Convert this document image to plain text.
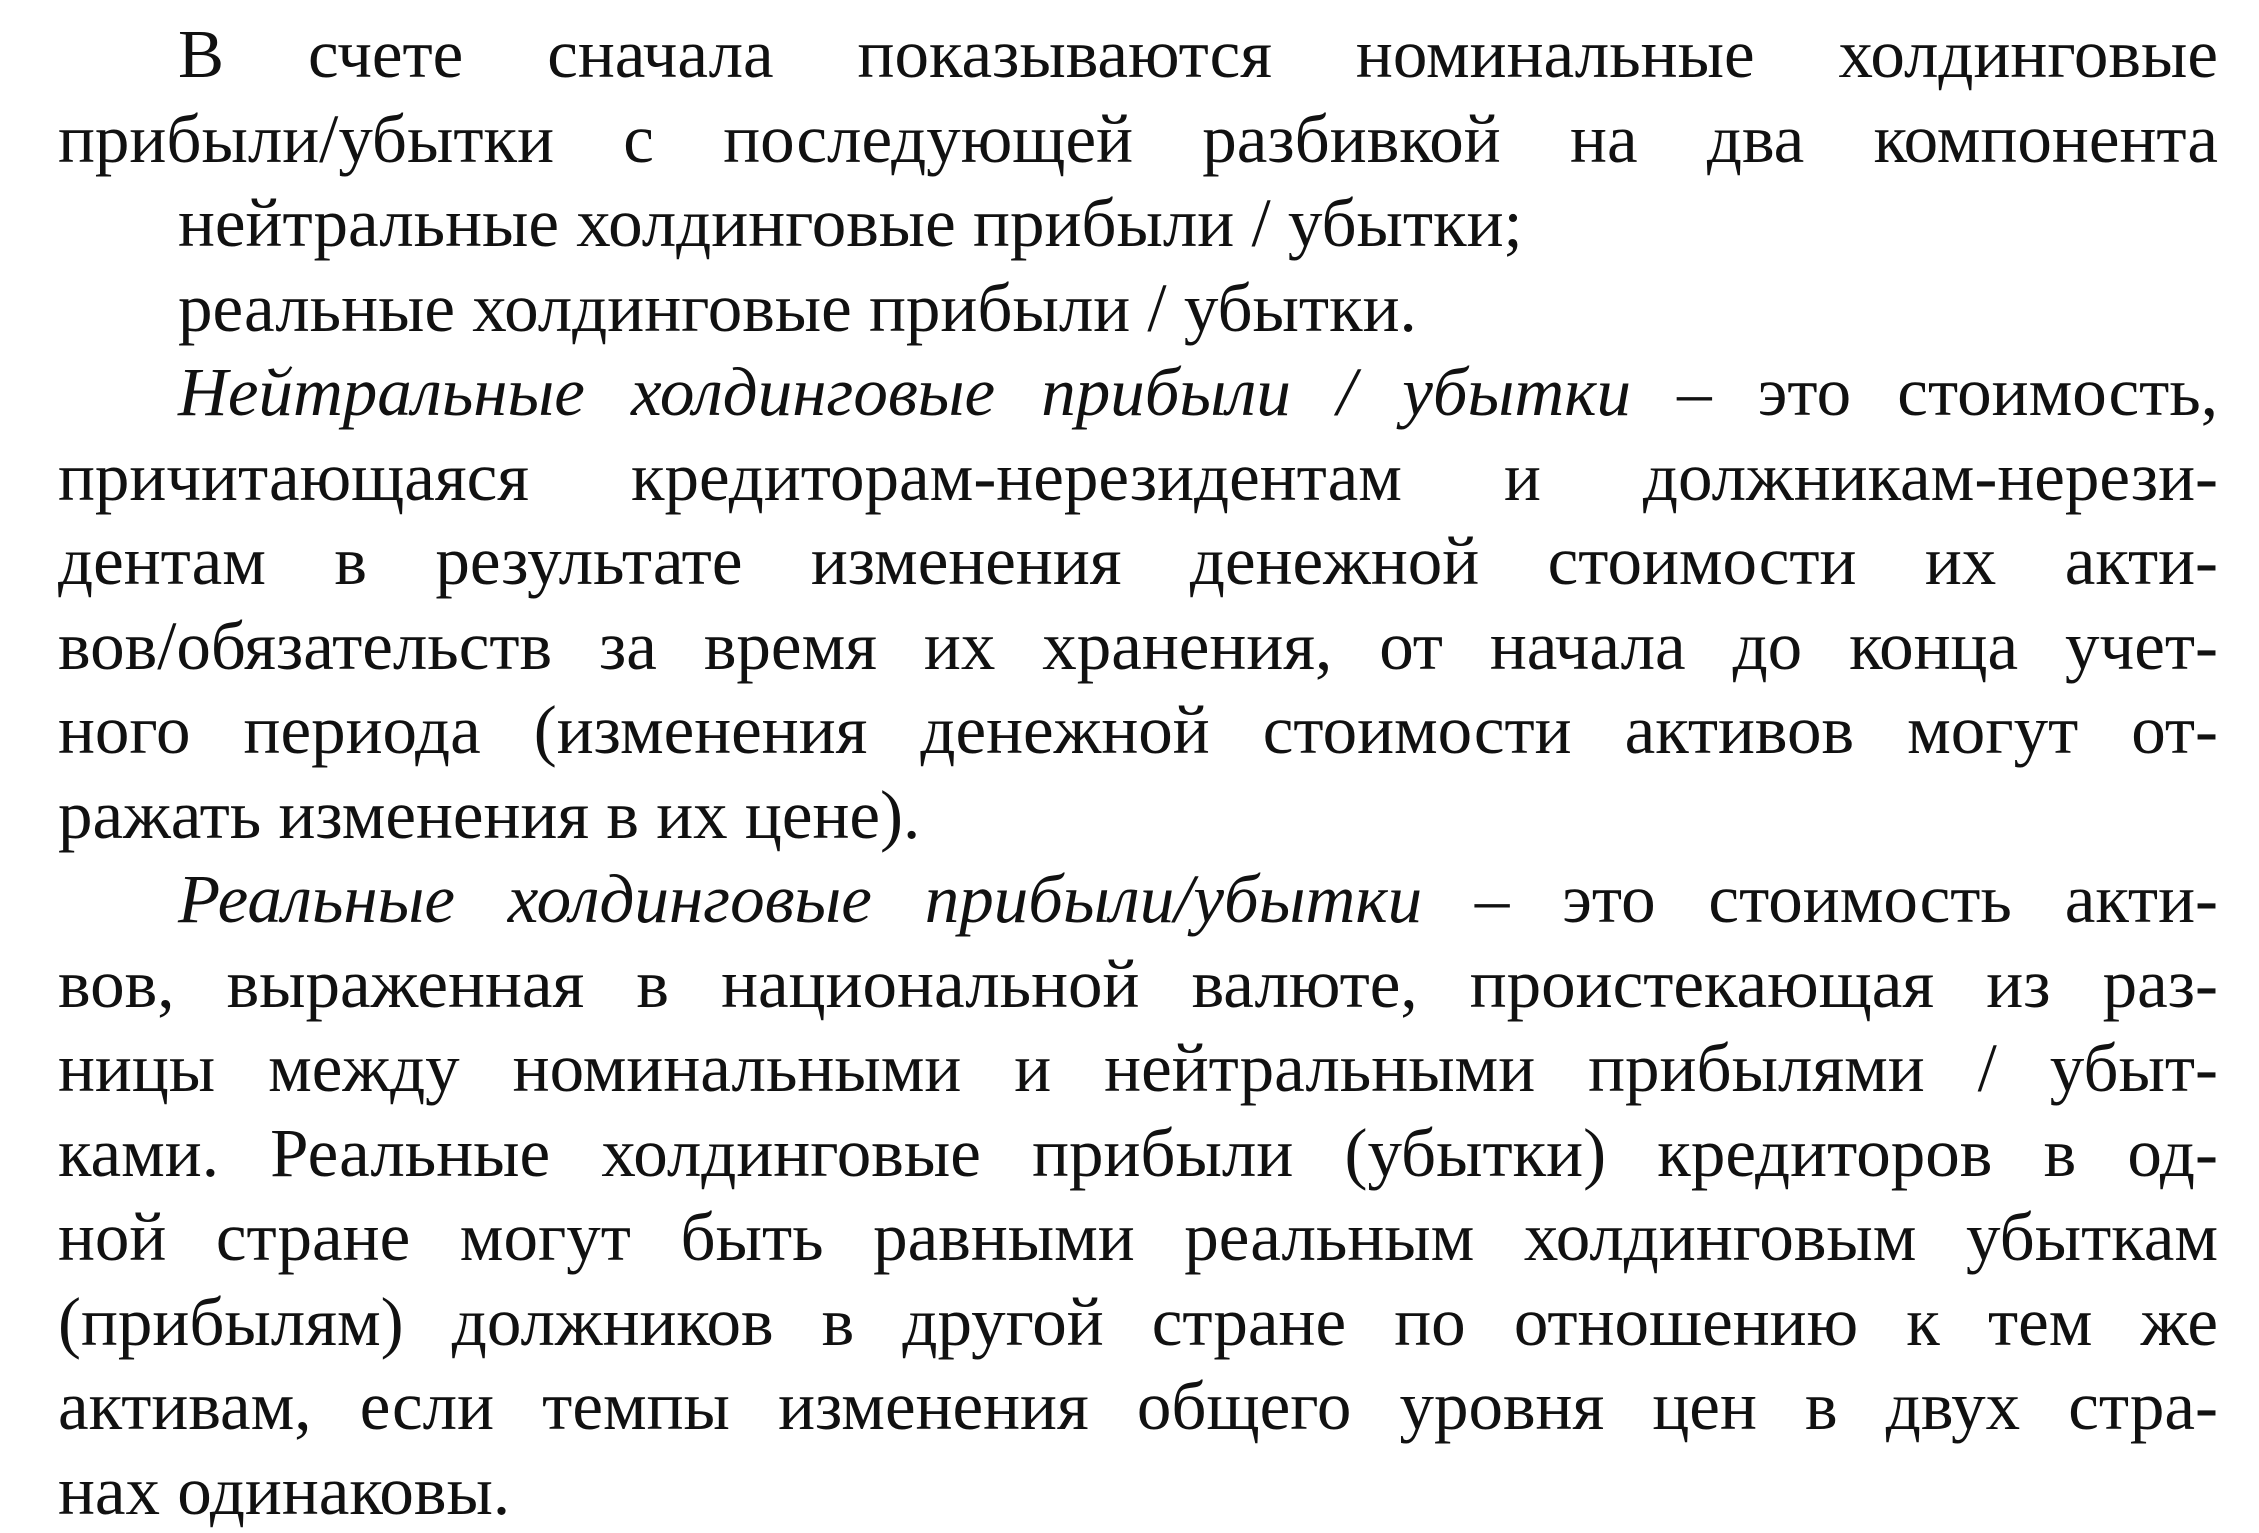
В счете сначала показываются номинальные холдинговые
прибыли/убытки с последующей разбивкой на два компонента
нейтральные холдинговые прибыли / убытки;
реальные холдинговые прибыли / убытки.
Нейтральные холдинговые прибыли / убытки – это стоимость,
причитающаяся кредиторам-нерезидентам и должникам-нерези-
дентам в результате изменения денежной стоимости их акти-
вов/обязательств за время их хранения, от начала до конца учет-
ного периода (изменения денежной стоимости активов могут от-
ражать изменения в их цене).
Реальные холдинговые прибыли/убытки – это стоимость акти-
вов, выраженная в национальной валюте, проистекающая из раз-
ницы между номинальными и нейтральными прибылями / убыт-
ками. Реальные холдинговые прибыли (убытки) кредиторов в од-
ной стране могут быть равными реальным холдинговым убыткам
(прибылям) должников в другой стране по отношению к тем же
активам, если темпы изменения общего уровня цен в двух стра-
нах одинаковы.
